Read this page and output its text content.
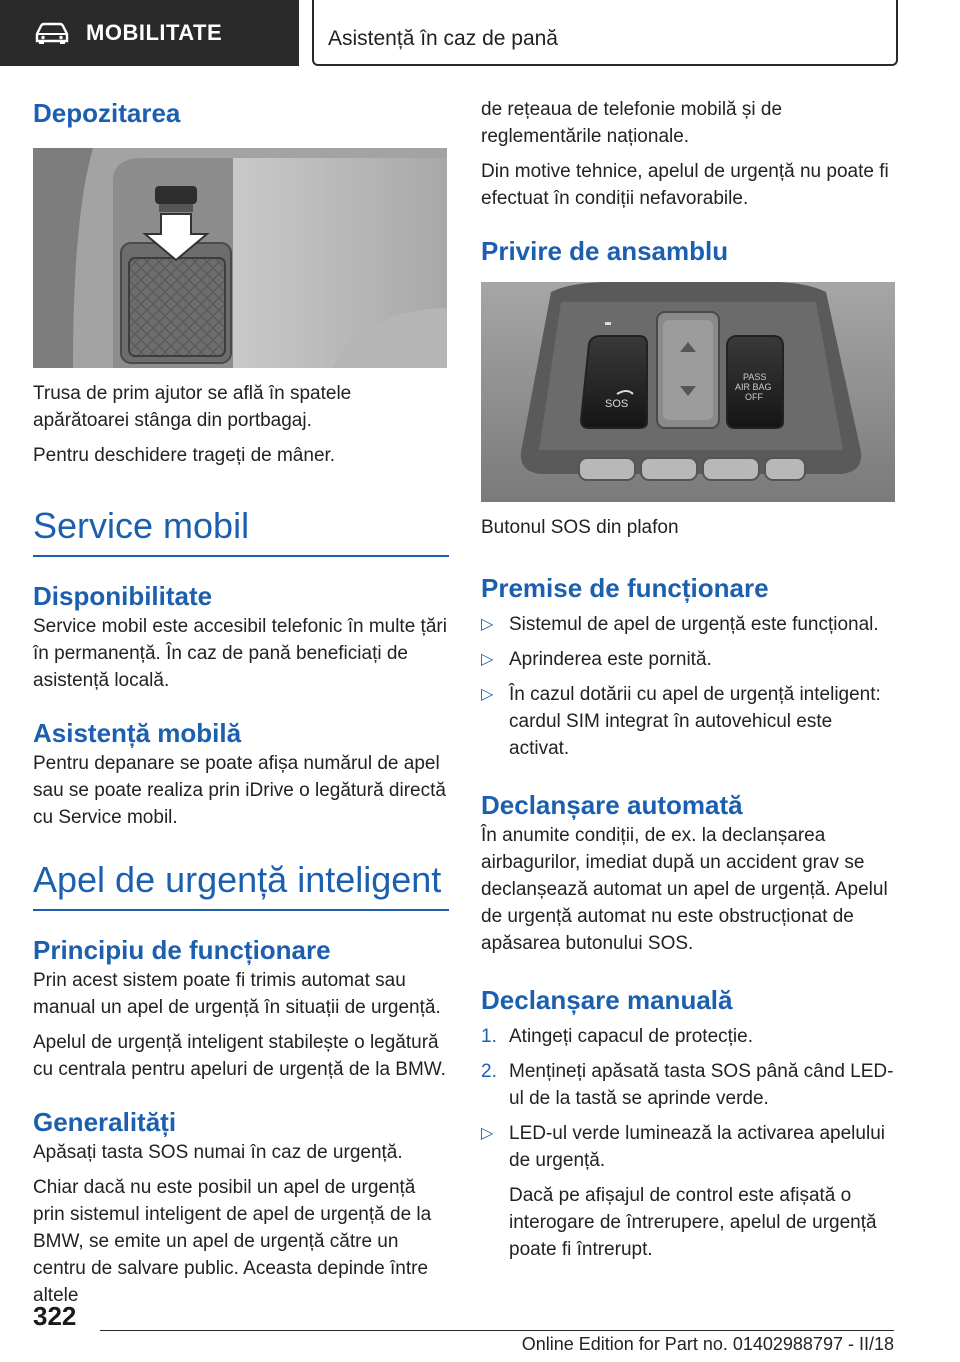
MOBILITATE	Asistență în caz de pană
Depozitarea

Trusa de prim ajutor se află în spatele apărătoarei stânga din portbagaj.

Pentru deschidere trageți de mâner.

Service mobil
Disponibilitate

Service mobil este accesibil telefonic în multe țări în permanență. În caz de pană beneficiați de asistență locală.

Asistență mobilă

Pentru depanare se poate afișa numărul de apel sau se poate realiza prin iDrive o legătură directă cu Service mobil.

Apel de urgență inteligent
Principiu de funcționare

Prin acest sistem poate fi trimis automat sau manual un apel de urgență în situații de urgență.

Apelul de urgență inteligent stabilește o legătură cu centrala pentru apeluri de urgență de la BMW.

Generalități

Apăsați tasta SOS numai în caz de urgență.

Chiar dacă nu este posibil un apel de urgență prin sistemul inteligent de apel de urgență de la BMW, se emite un apel de urgență către un centru de salvare public. Aceasta depinde între altele

de rețeaua de telefonie mobilă și de reglementările naționale.

Din motive tehnice, apelul de urgență nu poate fi efectuat în condiții nefavorabile.

Privire de ansamblu
SOS
PASS
AIR BAG
OFF

Butonul SOS din plafon

Premise de funcționare
▷ Sistemul de apel de urgență este funcțional.
▷ Aprinderea este pornită.
▷ În cazul dotării cu apel de urgență inteligent: cardul SIM integrat în autovehicul este activat.
Declanșare automată

În anumite condiții, de ex. la declanșarea airbagurilor, imediat după un accident grav se declanșează automat un apel de urgență. Apelul de urgență automat nu este obstrucționat de apăsarea butonului SOS.

Declanșare manuală
1. Atingeți capacul de protecție.
2. Mențineți apăsată tasta SOS până când LED-ul de la tastă se aprinde verde.
▷ LED-ul verde luminează la activarea apelului de urgență.

Dacă pe afișajul de control este afișată o interogare de întrerupere, apelul de urgență poate fi întrerupt.

322
Online Edition for Part no. 01402988797 - II/18
